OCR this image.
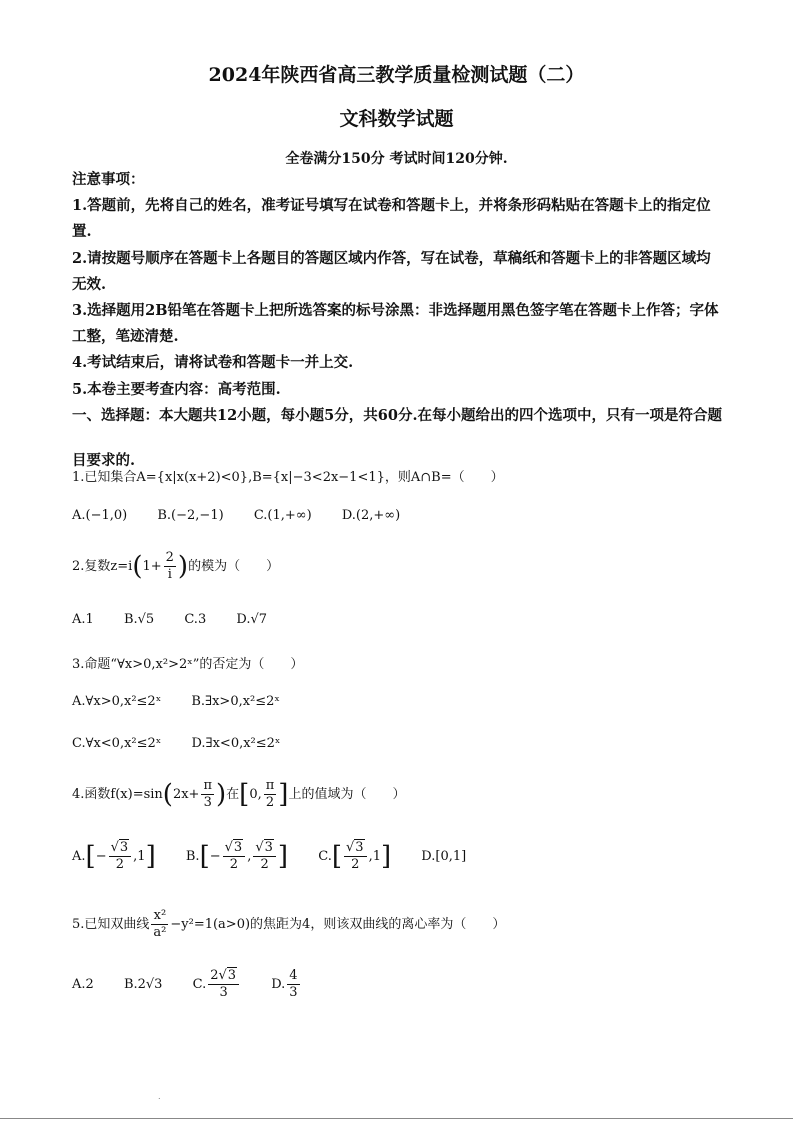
2024年陕西省高三教学质量检测试题（二）
文科数学试题
全卷满分150分 考试时间120分钟.

注意事项：

1.答题前，先将自己的姓名，准考证号填写在试卷和答题卡上，并将条形码粘贴在答题卡上的指定位置.

2.请按题号顺序在答题卡上各题目的答题区域内作答，写在试卷，草稿纸和答题卡上的非答题区域均无效.

3.选择题用2B铅笔在答题卡上把所选答案的标号涂黑：非选择题用黑色签字笔在答题卡上作答；字体工整，笔迹清楚.

4.考试结束后，请将试卷和答题卡一并上交.

5.本卷主要考查内容：高考范围.

一、选择题：本大题共12小题，每小题5分，共60分.在每小题给出的四个选项中，只有一项是符合题目要求的.
1.已知集合A={x|x(x+2)<0},B={x|−3<2x−1<1}，则A∩B=（　　）
A.(−1,0) B.(−2,−1) C.(1,+∞) D.(2,+∞)
2.复数$z=i(1+ \frac{2}{i}$ )的模为（　　）
A.1 B.√5 C.3 D.√7
3.命题“∀x>0,x²>2ˣ”的否定为（　　）
A.∀x>0,x²≤2ˣ B.∃x>0,x²≤2ˣ
C.∀x<0,x²≤2ˣ D.∃x<0,x²≤2ˣ
4.函数$f(x)=\sin(2x+ \frac{\pi}{3}$ )在[0, $\frac{\pi}{2}$ ]上的值域为（　　）
$A.[- \frac{√3}{2} ,1]$ $B.[- \frac{√3}{2}$ , $\frac{√3}{2}$ ] $C.[ \frac{√3}{2} ,1]$ D.[0,1]
5.已知双曲线 $\frac{\text{x²}}{\text{a²}} -y^2=1(a>0)$的焦距为4，则该双曲线的离心率为（　　）
A.2 B.2√3 C. $\frac{2√3}{3} D$. $\frac{4}{3}$
.
